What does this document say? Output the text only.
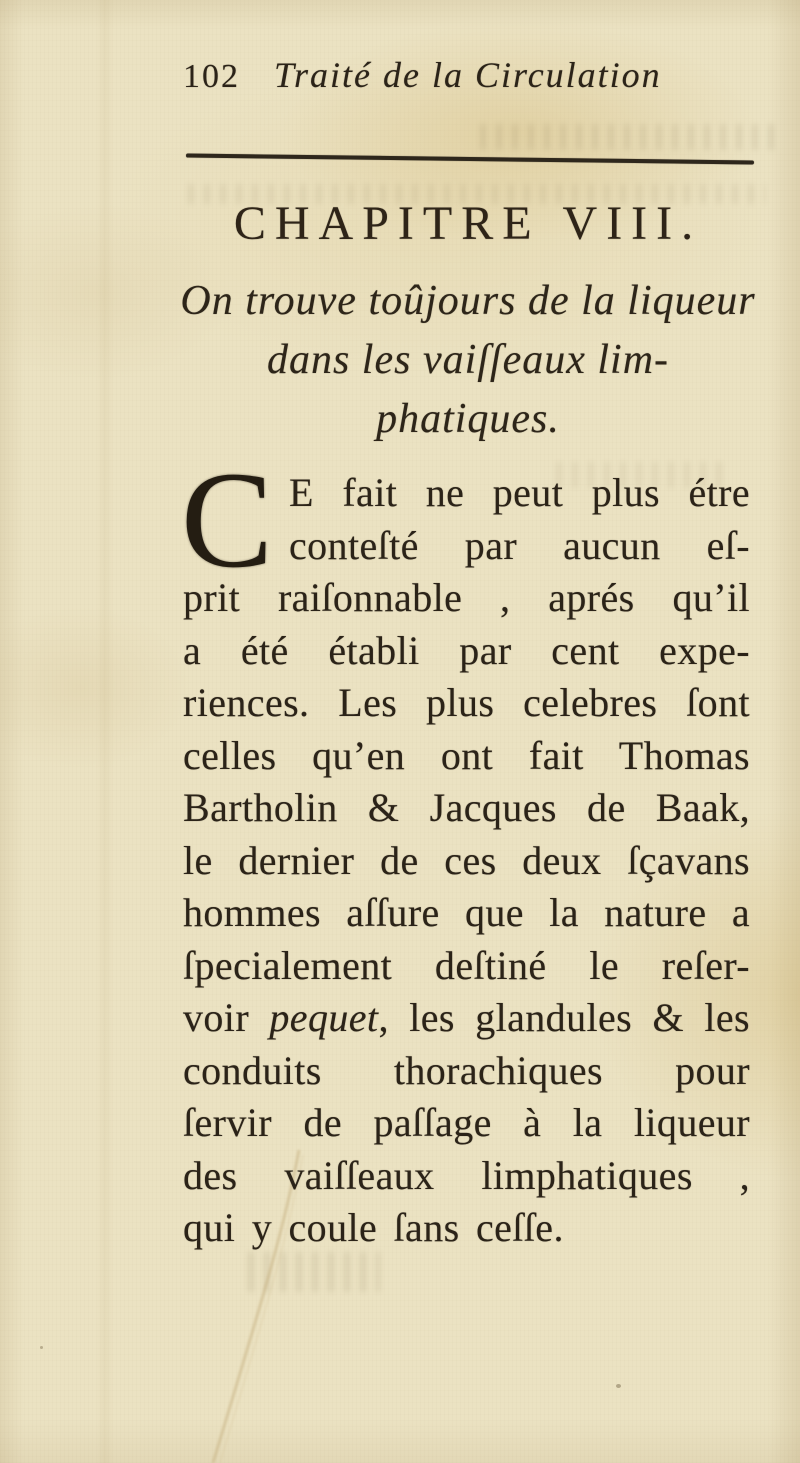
102 Traité de la Circulation
CHAPITRE VIII.
On trouve toûjours de la liqueur
dans les vaiſſeaux lim-
phatiques.
C E fait ne peut plus étre
conteſté par aucun eſ-
prit raiſonnable , aprés qu’il
a été établi par cent expe-
riences. Les plus celebres ſont
celles qu’en ont fait Thomas
Bartholin & Jacques de Baak,
le dernier de ces deux ſçavans
hommes aſſure que la nature a
ſpecialement deſtiné le reſer-
voir pequet, les glandules & les
conduits thorachiques pour
ſervir de paſſage à la liqueur
des vaiſſeaux limphatiques ,
qui y coule ſans ceſſe.
